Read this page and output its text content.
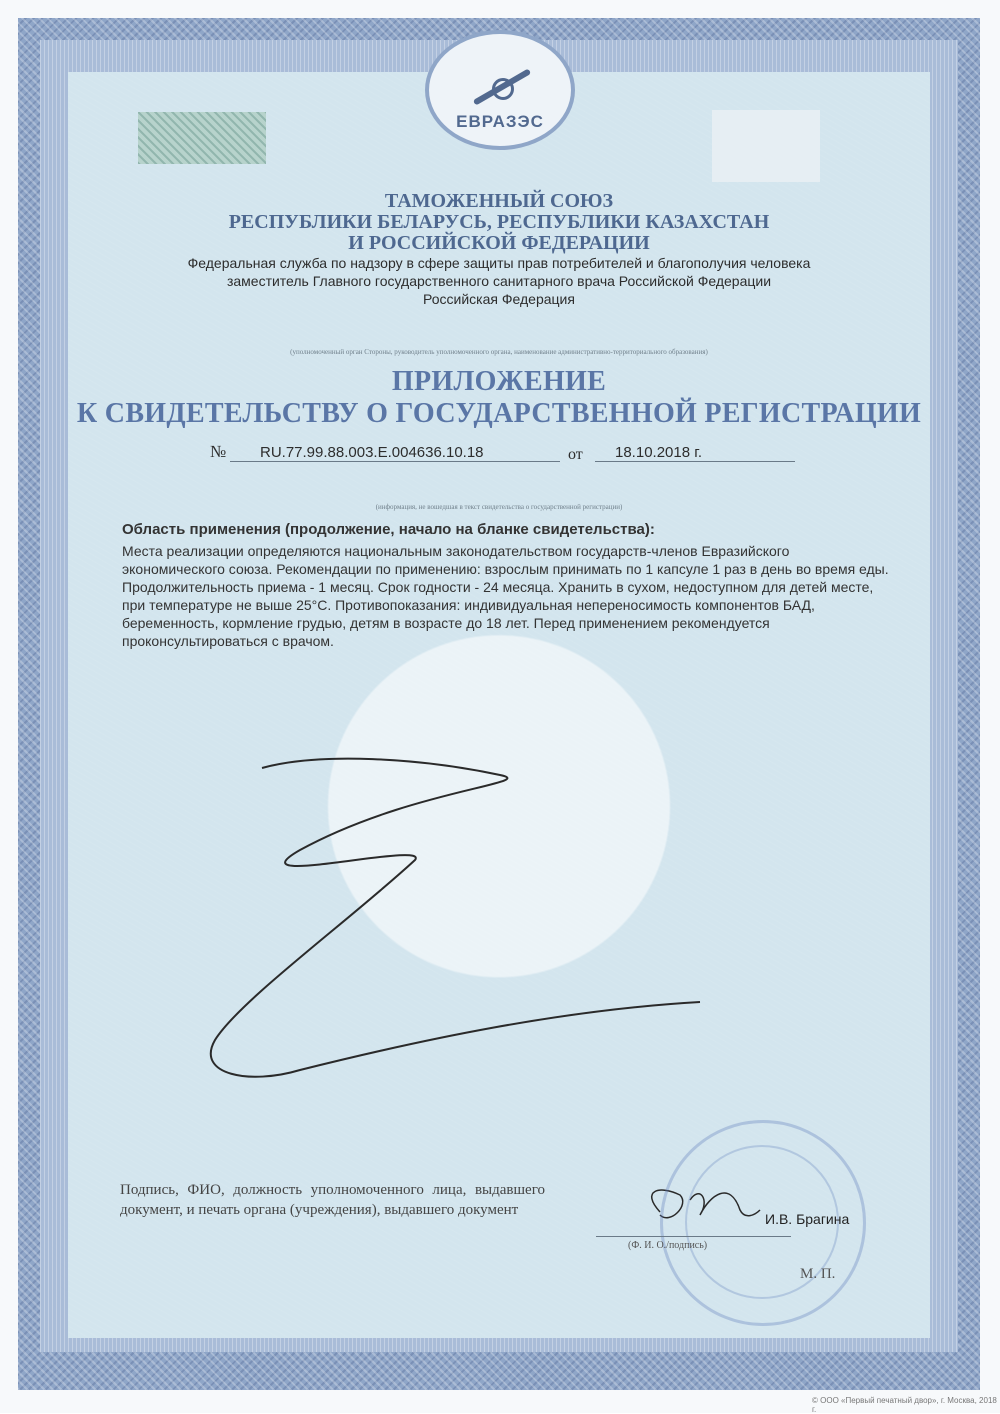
ЕВРАЗЭС
ТАМОЖЕННЫЙ СОЮЗ
РЕСПУБЛИКИ БЕЛАРУСЬ, РЕСПУБЛИКИ КАЗАХСТАН
И РОССИЙСКОЙ ФЕДЕРАЦИИ
Федеральная служба по надзору в сфере защиты прав потребителей и благополучия человека
заместитель Главного государственного санитарного врача Российской Федерации
Российская Федерация
(уполномоченный орган Стороны, руководитель уполномоченного органа, наименование административно-территориального образования)
ПРИЛОЖЕНИЕ
К СВИДЕТЕЛЬСТВУ О ГОСУДАРСТВЕННОЙ РЕГИСТРАЦИИ
№	RU.77.99.88.003.E.004636.10.18	от	18.10.2018 г.
(информация, не вошедшая в текст свидетельства о государственной регистрации)
Область применения (продолжение, начало на бланке свидетельства):
Места реализации определяются национальным законодательством государств-членов Евразийского экономического союза. Рекомендации по применению: взрослым принимать по 1 капсуле 1 раз в день во время еды. Продолжительность приема - 1 месяц. Срок годности - 24 месяца. Хранить в сухом, недоступном для детей месте, при температуре не выше 25°С. Противопоказания: индивидуальная непереносимость компонентов БАД, беременность, кормление грудью, детям в возрасте до 18 лет. Перед применением рекомендуется проконсультироваться с врачом.
Подпись, ФИО, должность уполномоченного лица, выдавшего документ, и печать органа (учреждения), выдавшего документ
И.В. Брагина
(Ф. И. О./подпись)
М. П.
© ООО «Первый печатный двор», г. Москва, 2018 г.
